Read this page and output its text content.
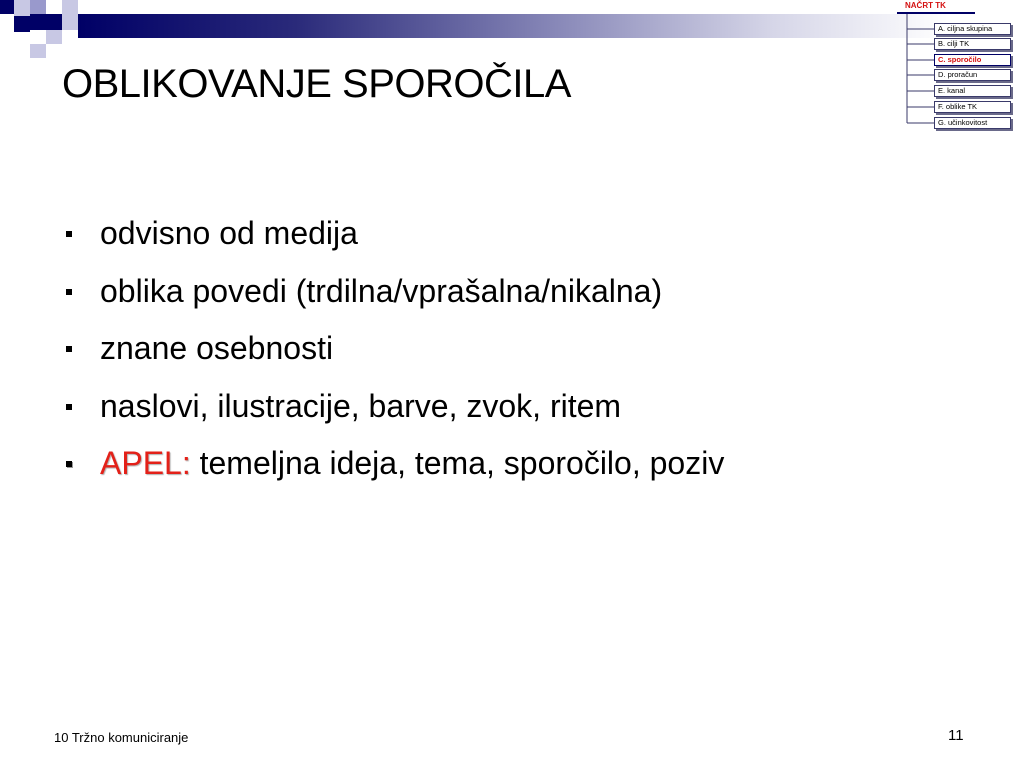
NAČRT TK
A. ciljna skupina
B. cilji TK
C. sporočilo
D. proračun
E. kanal
F. oblike TK
G. učinkovitost
OBLIKOVANJE SPOROČILA
odvisno od medija
oblika povedi (trdilna/vprašalna/nikalna)
znane osebnosti
naslovi, ilustracije, barve, zvok, ritem
APEL: temeljna ideja, tema, sporočilo, poziv
10 Tržno komuniciranje	11
